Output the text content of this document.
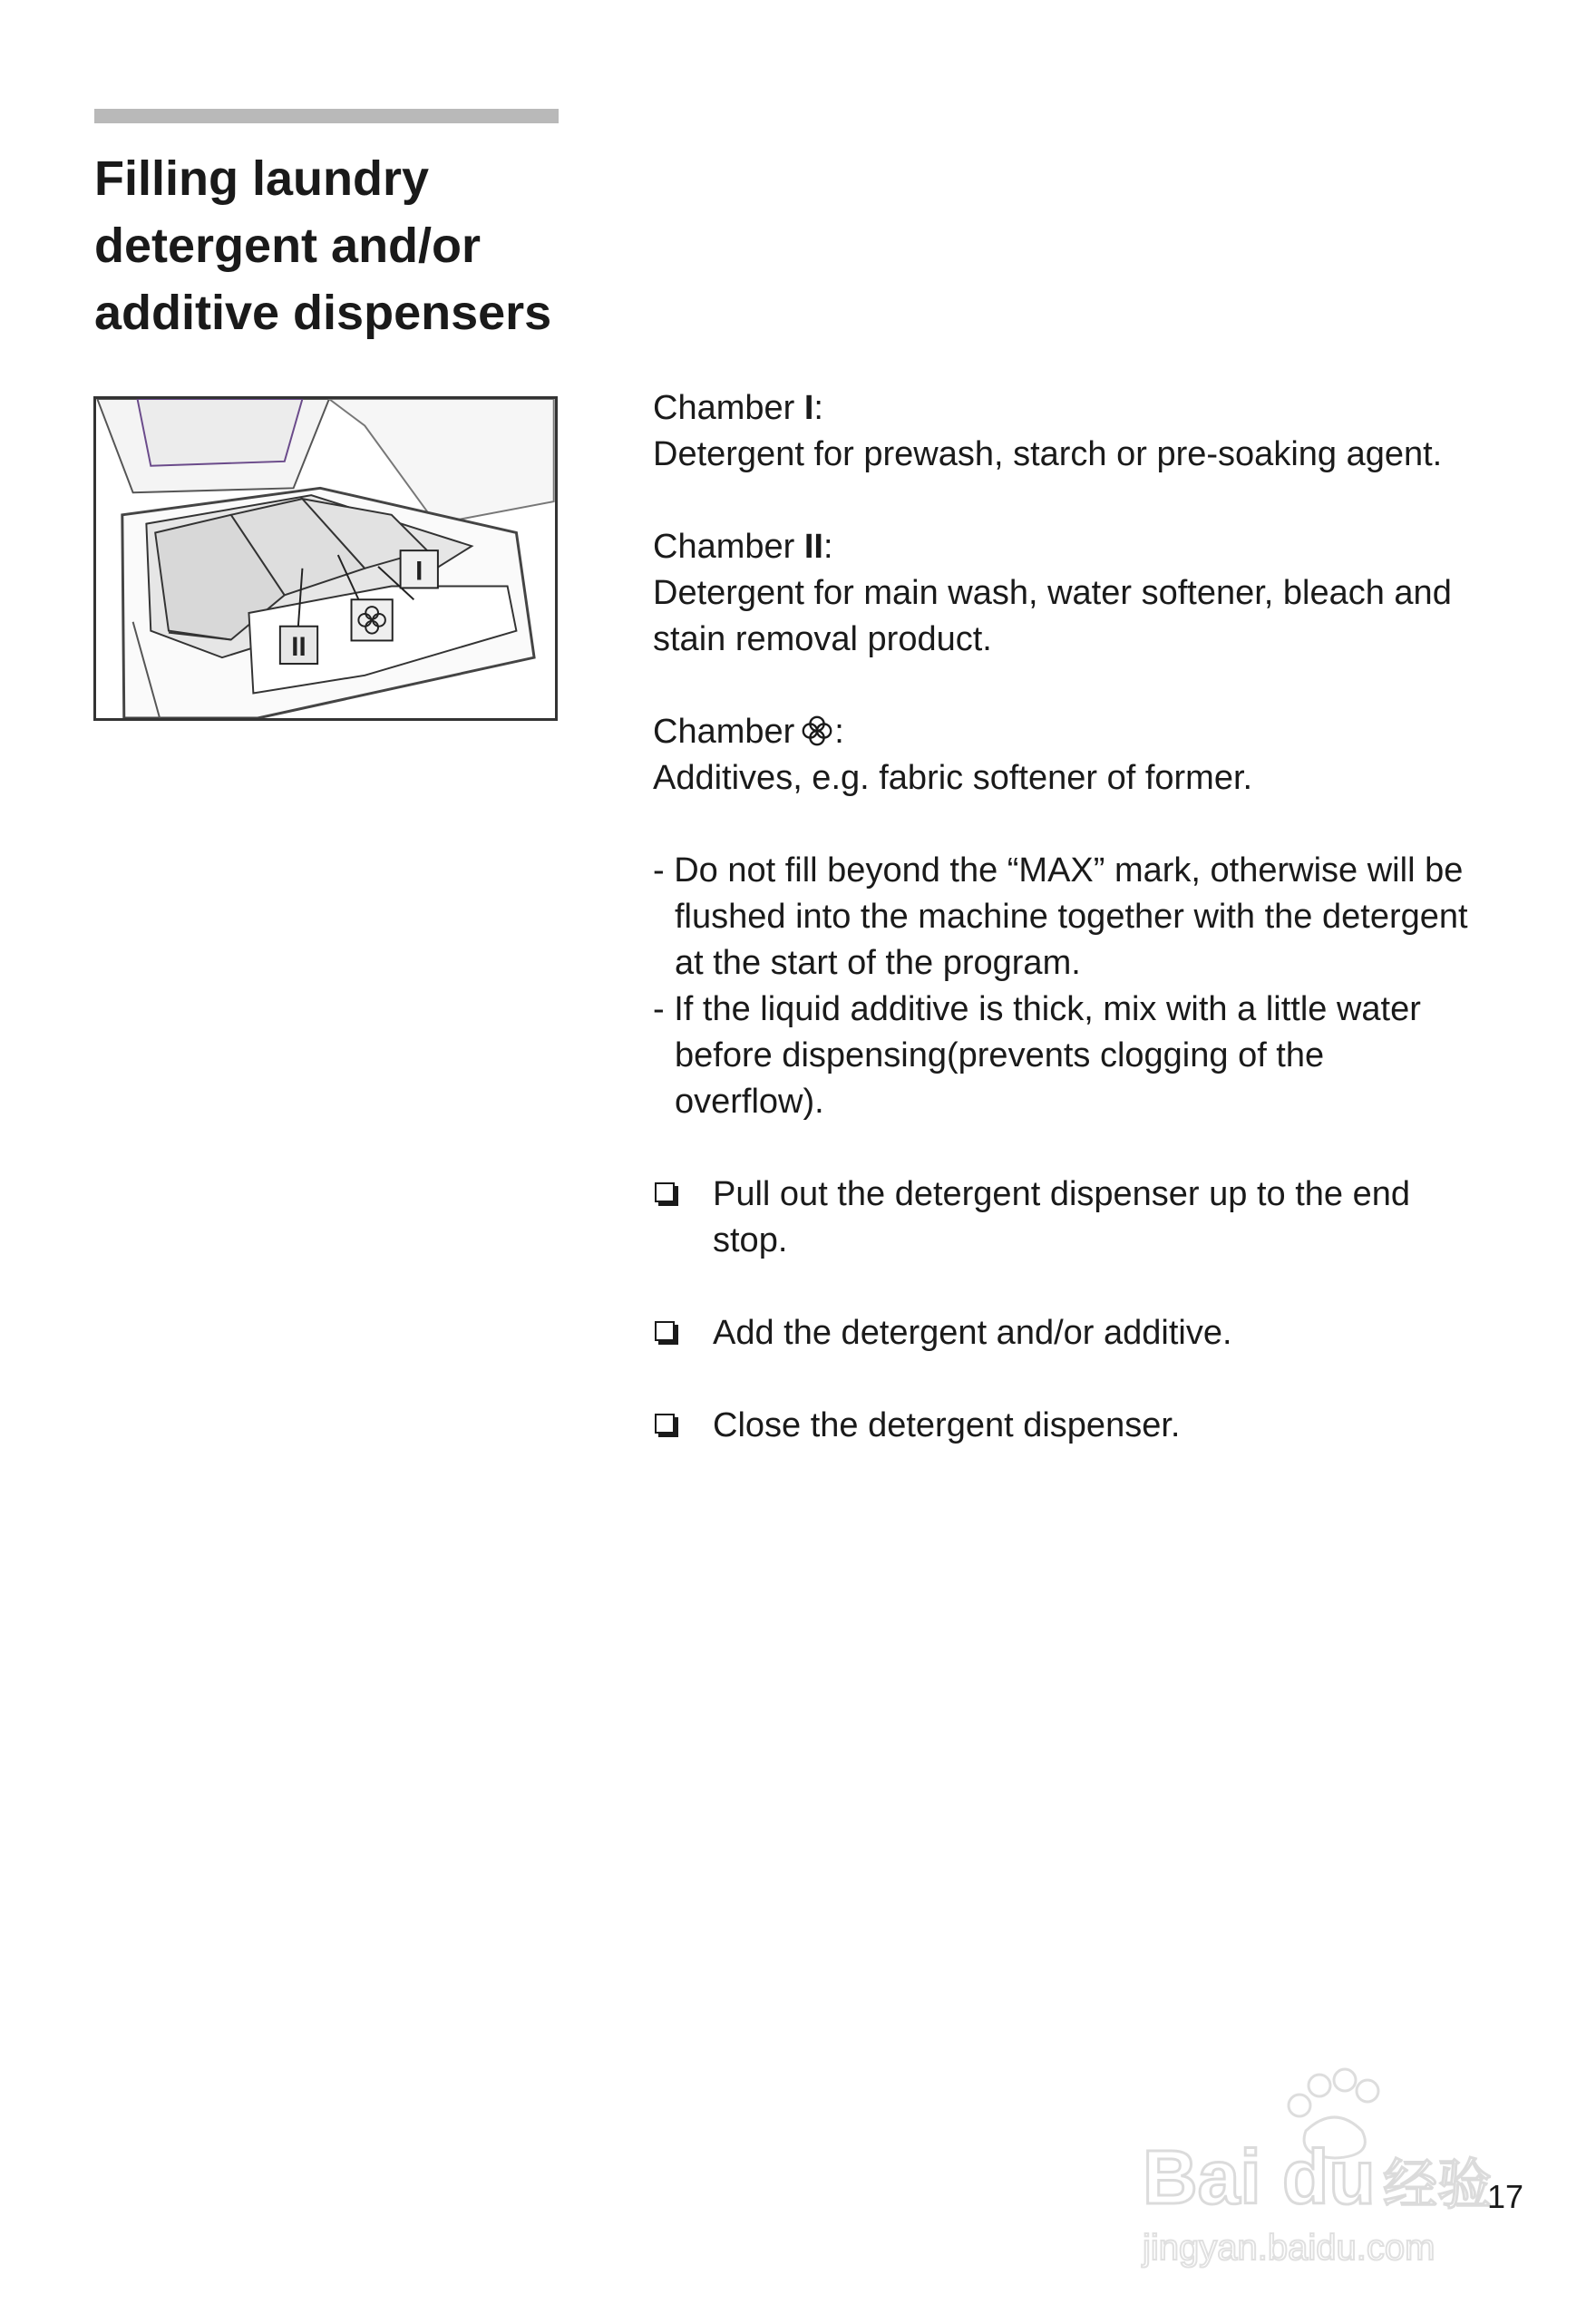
Filling laundry
detergent and/or
additive dispensers
II
I

Chamber I:

Detergent for prewash, starch or pre-soaking agent.

Chamber II:

Detergent for main wash, water softener, bleach and stain removal product.

Chamber :

Additives, e.g. fabric softener of former.

- Do not fill beyond the “MAX” mark, otherwise will be flushed into the machine together with the detergent at the start of the program.

- If the liquid additive is thick, mix with a little water before dispensing(prevents clogging of the overflow).

Pull out the detergent dispenser up to the end stop.
Add the detergent and/or additive.
Close the detergent dispenser.
Bai du 经验
jingyan.baidu.com
17
